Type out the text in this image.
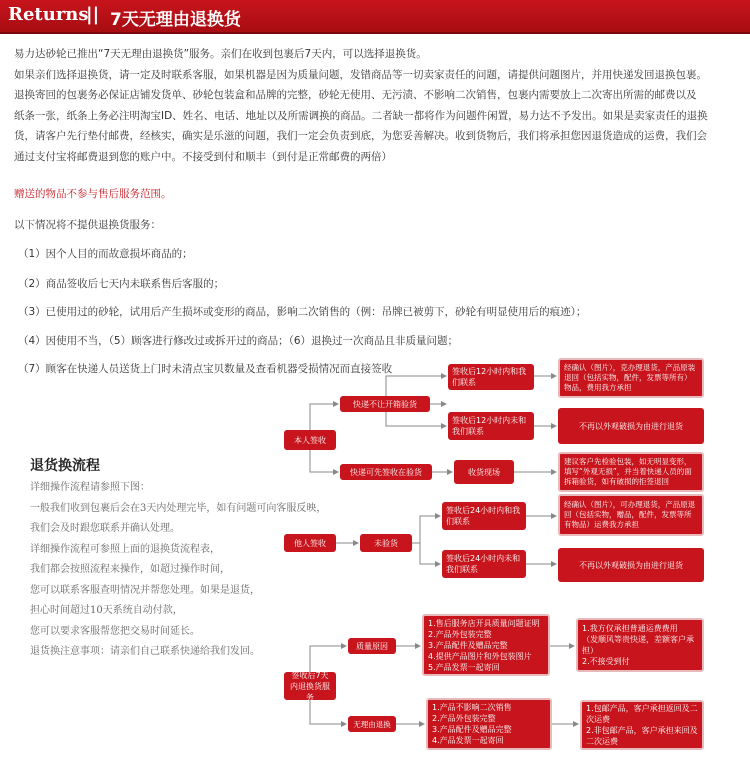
Returns
|| 7天无理由退换货

易力达砂轮已推出“7天无理由退换货”服务。亲们在收到包裹后7天内，可以选择退换货。

如果亲们选择退换货，请一定及时联系客服，如果机器是因为质量问题，发错商品等一切卖家责任的问题，请提供问题图片，并用快递发回退换包裹。

退换寄回的包裹务必保证店铺发货单、砂轮包装盒和品牌的完整，砂轮无使用、无污渍、不影响二次销售，包裹内需要放上二次寄出所需的邮费以及

纸条一张，纸条上务必注明淘宝ID、姓名、电话、地址以及所需调换的商品。二者缺一都将作为问题件闲置，易力达不予发出。如果是卖家责任的退换

货，请客户先行垫付邮费，经核实，确实是乐滋的问题，我们一定会负责到底，为您妥善解决。收到货物后，我们将承担您因退货造成的运费，我们会

通过支付宝将邮费退到您的账户中。不接受到付和顺丰（到付是正常邮费的两倍）

赠送的物品不参与售后服务范围。
以下情况将不提供退换货服务：
（1）因个人目的而故意损坏商品的；
（2）商品签收后七天内未联系售后客服的；
（3）已使用过的砂轮，试用后产生损坏或变形的商品，影响二次销售的（例：吊牌已被剪下，砂轮有明显使用后的痕迹）；
（4）因使用不当，（5）顾客进行修改过或拆开过的商品；（6）退换过一次商品且非质量问题；
（7）顾客在快递人员送货上门时未清点宝贝数量及查看机器受损情况而直接签收
退货换流程

详细操作流程请参照下图：

一般我们收到包裹后会在3天内处理完毕，如有问题可向客服反映，

我们会及时跟您联系并确认处理。

详细操作流程可参照上面的退换货流程表，

我们都会按照流程来操作，如超过操作时间，

您可以联系客服查明情况并帮您处理。如果是退货，

担心时间超过10天系统自动付款，

您可以要求客服帮您把交易时间延长。

退货换注意事项：请亲们自己联系快递给我们发回。

本人签收
快递不让开箱验货
签收后12小时内和我们联系
经确认（图片），克办理退货，产品原装退回（包括实物，配件，发票等所有）物品，费用我方承担
签收后12小时内未和我们联系
不再以外观破损为由进行退货
快递可先签收在验货	收货现场
建议客户先检验包装，如无明显变形，填写“外观无损”，并当着快递人员的面拆箱验货，如有破损的拒签退回
他人签收	未验货
签收后24小时内和我们联系
经确认（图片），可办理退货，产品原退回（包括实物，赠品，配件，发票等所有物品）运费我方承担
签收后24小时内未和我们联系	不再以外观破损为由进行退货
签收后7天内退换货服务
质量原因
1.售后服务店开具质量问题证明
2.产品外包装完整
3.产品配件及赠品完整
4.提供产品图片和外包装图片
5.产品发票一起寄回
1.我方仅承担普通运费费用
（发顺风等贵快递，差额客户承担）
2.不接受到付
无理由退换
1.产品不影响二次销售
2.产品外包装完整
3.产品配件及赠品完整
4.产品发票一起寄回
1.包邮产品，客户承担返回及二次运费
2.非包邮产品，客户承担来回及二次运费
